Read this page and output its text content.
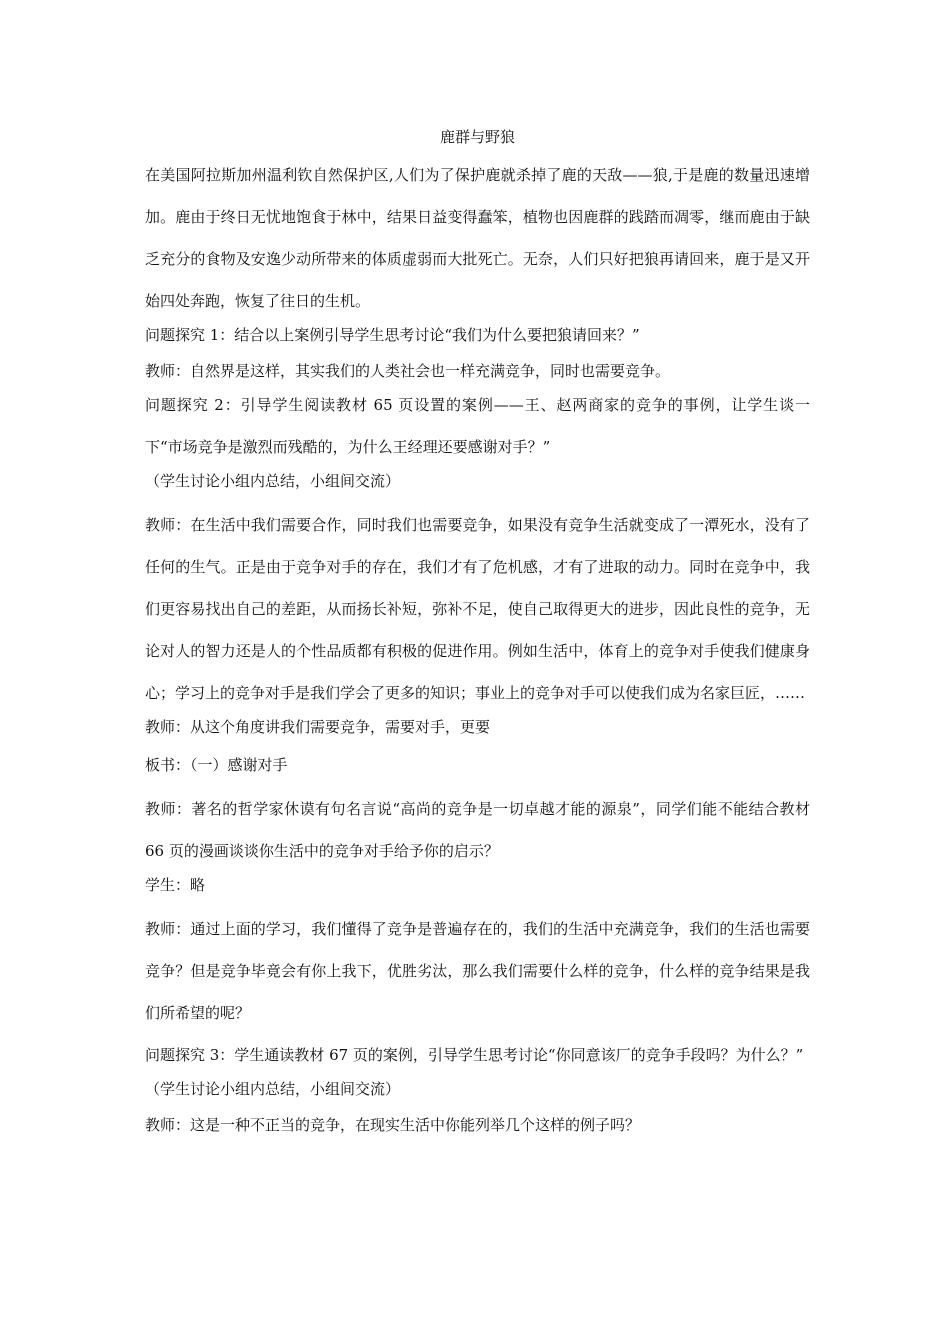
鹿群与野狼

在美国阿拉斯加州温利钦自然保护区,人们为了保护鹿就杀掉了鹿的天敌——狼,于是鹿的数量迅速增加。鹿由于终日无忧地饱食于林中，结果日益变得蠢笨，植物也因鹿群的践踏而凋零，继而鹿由于缺乏充分的食物及安逸少动所带来的体质虚弱而大批死亡。无奈，人们只好把狼再请回来，鹿于是又开始四处奔跑，恢复了往日的生机。

问题探究 1：结合以上案例引导学生思考讨论“我们为什么要把狼请回来？”

教师：自然界是这样，其实我们的人类社会也一样充满竞争，同时也需要竞争。

问题探究 2：引导学生阅读教材 65 页设置的案例——王、赵两商家的竞争的事例，让学生谈一下“市场竞争是激烈而残酷的，为什么王经理还要感谢对手？”

（学生讨论小组内总结，小组间交流）

教师：在生活中我们需要合作，同时我们也需要竞争，如果没有竞争生活就变成了一潭死水，没有了任何的生气。正是由于竞争对手的存在，我们才有了危机感，才有了进取的动力。同时在竞争中，我们更容易找出自己的差距，从而扬长补短，弥补不足，使自己取得更大的进步，因此良性的竞争，无论对人的智力还是人的个性品质都有积极的促进作用。例如生活中，体育上的竞争对手使我们健康身心；学习上的竞争对手是我们学会了更多的知识；事业上的竞争对手可以使我们成为名家巨匠，……

教师：从这个角度讲我们需要竞争，需要对手，更要

板书：（一）感谢对手

教师：著名的哲学家休谟有句名言说“高尚的竞争是一切卓越才能的源泉”，同学们能不能结合教材 66 页的漫画谈谈你生活中的竞争对手给予你的启示？

学生：略

教师：通过上面的学习，我们懂得了竞争是普遍存在的，我们的生活中充满竞争，我们的生活也需要竞争？但是竞争毕竟会有你上我下，优胜劣汰，那么我们需要什么样的竞争，什么样的竞争结果是我们所希望的呢？

问题探究 3：学生通读教材 67 页的案例，引导学生思考讨论“你同意该厂的竞争手段吗？为什么？”

（学生讨论小组内总结，小组间交流）

教师：这是一种不正当的竞争，在现实生活中你能列举几个这样的例子吗？
